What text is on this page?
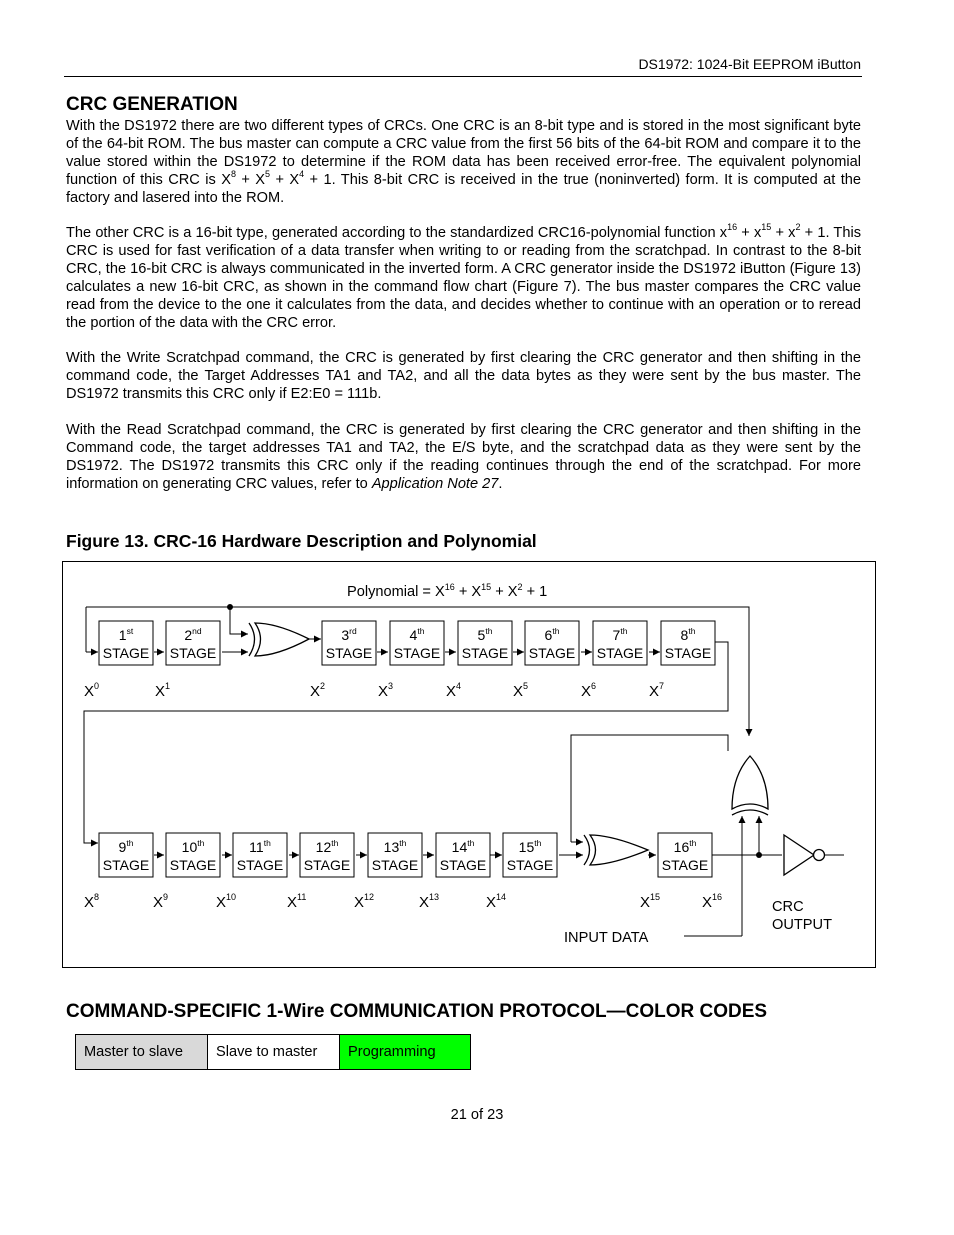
DS1972: 1024-Bit EEPROM iButton
CRC GENERATION

With the DS1972 there are two different types of CRCs. One CRC is an 8-bit type and is stored in the most significant byte of the 64-bit ROM. The bus master can compute a CRC value from the first 56 bits of the 64-bit ROM and compare it to the value stored within the DS1972 to determine if the ROM data has been received error-free. The equivalent polynomial function of this CRC is $X^8 + X^5 + X^4 + 1$. This 8-bit CRC is received in the true (noninverted) form. It is computed at the factory and lasered into the ROM.

The other CRC is a 16-bit type, generated according to the standardized CRC16-polynomial function $x^{16} + x^{15} + x^2 + 1$. This CRC is used for fast verification of a data transfer when writing to or reading from the scratchpad. In contrast to the 8-bit CRC, the 16-bit CRC is always communicated in the inverted form. A CRC generator inside the DS1972 iButton (Figure 13) calculates a new 16-bit CRC, as shown in the command flow chart (Figure 7). The bus master compares the CRC value read from the device to the one it calculates from the data, and decides whether to continue with an operation or to reread the portion of the data with the CRC error.

With the Write Scratchpad command, the CRC is generated by first clearing the CRC generator and then shifting in the command code, the Target Addresses TA1 and TA2, and all the data bytes as they were sent by the bus master. The DS1972 transmits this CRC only if E2:E0 = 111b.

With the Read Scratchpad command, the CRC is generated by first clearing the CRC generator and then shifting in the Command code, the target addresses TA1 and TA2, the E/S byte, and the scratchpad data as they were sent by the DS1972. The DS1972 transmits this CRC only if the reading continues through the end of the scratchpad. For more information on generating CRC values, refer to Application Note 27.

Figure 13. CRC-16 Hardware Description and Polynomial
Polynomial = $X^{16} + X^{15} + X^2 + 1$
1st
STAGE
2nd
STAGE
3rd
STAGE
4th
STAGE
5th
STAGE
6th
STAGE
7th
STAGE
8th
STAGE
9th
STAGE
10th
STAGE
11th
STAGE
12th
STAGE
13th
STAGE
14th
STAGE
15th
STAGE
16th
STAGE
$X^0$	$X^1$	$X^2$	$X^3$	$X^4$	$X^5$	$X^6$	$X^7$
$X^8$	$X^9$	$X^{10}$	$X^{11}$	$X^{12}$	$X^{13}$	$X^{14}$	$X^{15}$	$X^{16}$
INPUT DATA
CRC
OUTPUT
COMMAND-SPECIFIC 1-Wire COMMUNICATION PROTOCOL—COLOR CODES
Master to slave	Slave to master	Programming
21 of 23
